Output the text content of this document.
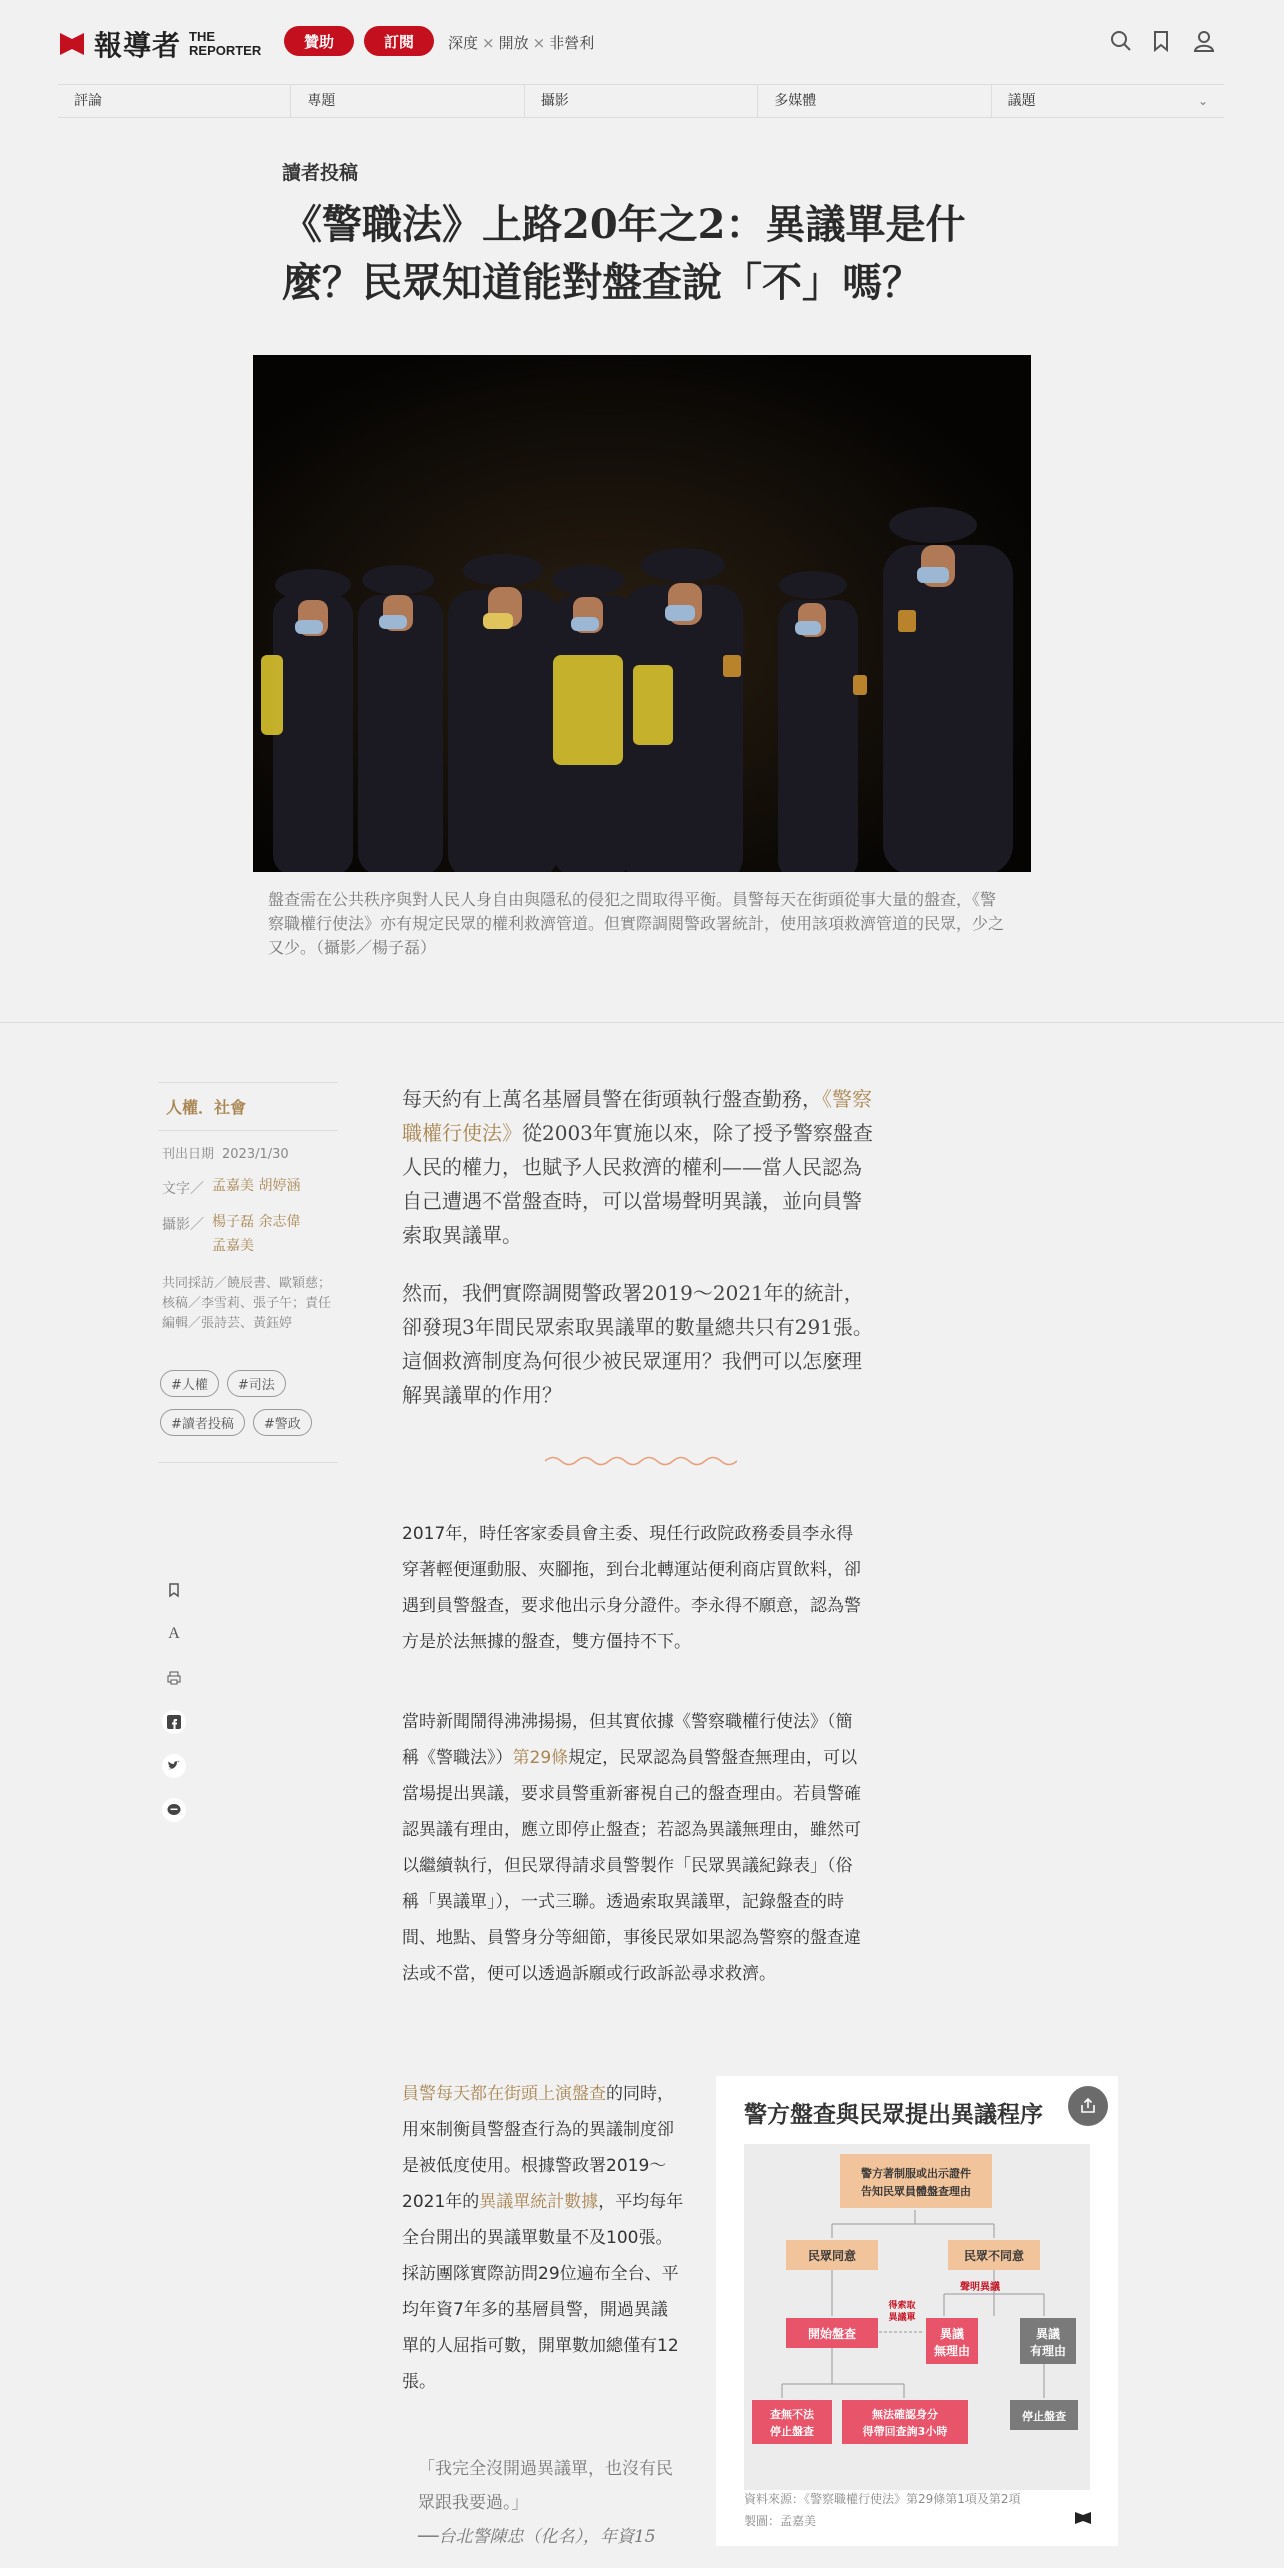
報導者 THE
REPORTER	贊助	訂閱	深度 × 開放 × 非營利
評論	專題	攝影	多媒體	議題	⌄
讀者投稿
《警職法》上路20年之2：異議單是什麼？民眾知道能對盤查說「不」嗎？

盤查需在公共秩序與對人民人身自由與隱私的侵犯之間取得平衡。員警每天在街頭從事大量的盤查，《警察職權行使法》亦有規定民眾的權利救濟管道。但實際調閱警政署統計，使用該項救濟管道的民眾，少之又少。（攝影／楊子磊）

人權．社會
刊出日期 2023/1/30
文字／ 孟嘉美 胡婷涵
攝影／ 楊子磊 余志偉
孟嘉美
共同採訪／饒辰書、歐穎慈；核稿／李雪莉、張子午；責任編輯／張詩芸、黃鈺婷
#人權 #司法
#讀者投稿 #警政
A

每天約有上萬名基層員警在街頭執行盤查勤務，《警察職權行使法》從2003年實施以來，除了授予警察盤查人民的權力，也賦予人民救濟的權利——當人民認為自己遭遇不當盤查時，可以當場聲明異議，並向員警索取異議單。

然而，我們實際調閱警政署2019～2021年的統計，卻發現3年間民眾索取異議單的數量總共只有291張。這個救濟制度為何很少被民眾運用？我們可以怎麼理解異議單的作用？

2017年，時任客家委員會主委、現任行政院政務委員李永得穿著輕便運動服、夾腳拖，到台北轉運站便利商店買飲料，卻遇到員警盤查，要求他出示身分證件。李永得不願意，認為警方是於法無據的盤查，雙方僵持不下。

當時新聞鬧得沸沸揚揚，但其實依據《警察職權行使法》（簡稱《警職法》）第29條規定，民眾認為員警盤查無理由，可以當場提出異議，要求員警重新審視自己的盤查理由。若員警確認異議有理由，應立即停止盤查；若認為異議無理由，雖然可以繼續執行，但民眾得請求員警製作「民眾異議紀錄表」（俗稱「異議單」），一式三聯。透過索取異議單，記錄盤查的時間、地點、員警身分等細節，事後民眾如果認為警察的盤查違法或不當，便可以透過訴願或行政訴訟尋求救濟。

員警每天都在街頭上演盤查的同時，用來制衡員警盤查行為的異議制度卻是被低度使用。根據警政署2019～2021年的異議單統計數據，平均每年全台開出的異議單數量不及100張。採訪團隊實際訪問29位遍布全台、平均年資7年多的基層員警，開過異議單的人屈指可數，開單數加總僅有12張。

「我完全沒開過異議單，也沒有民眾跟我要過。」
──台北警陳忠（化名），年資15
警方盤查與民眾提出異議程序
警方著制服或出示證件
告知民眾員體盤查理由
民眾同意	民眾不同意
聲明異議
得索取
異議單
開始盤查	異議
無理由
異議
有理由
查無不法
停止盤查
無法確認身分
得帶回查詢3小時
停止盤查
資料來源：《警察職權行使法》第29條第1項及第2項
製圖：孟嘉美
